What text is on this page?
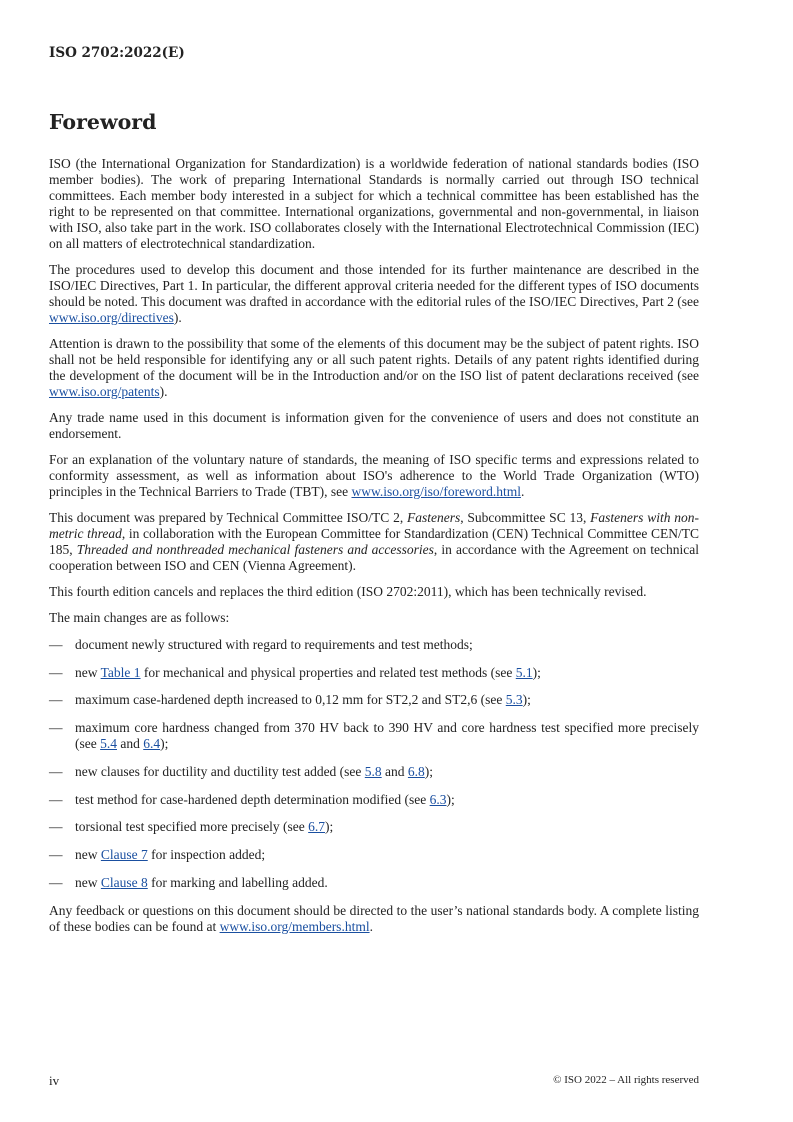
ISO 2702:2022(E)
Foreword

ISO (the International Organization for Standardization) is a worldwide federation of national standards bodies (ISO member bodies). The work of preparing International Standards is normally carried out through ISO technical committees. Each member body interested in a subject for which a technical committee has been established has the right to be represented on that committee. International organizations, governmental and non-governmental, in liaison with ISO, also take part in the work. ISO collaborates closely with the International Electrotechnical Commission (IEC) on all matters of electrotechnical standardization.

The procedures used to develop this document and those intended for its further maintenance are described in the ISO/IEC Directives, Part 1. In particular, the different approval criteria needed for the different types of ISO documents should be noted. This document was drafted in accordance with the editorial rules of the ISO/IEC Directives, Part 2 (see www.iso.org/directives).

Attention is drawn to the possibility that some of the elements of this document may be the subject of patent rights. ISO shall not be held responsible for identifying any or all such patent rights. Details of any patent rights identified during the development of the document will be in the Introduction and/or on the ISO list of patent declarations received (see www.iso.org/patents).

Any trade name used in this document is information given for the convenience of users and does not constitute an endorsement.

For an explanation of the voluntary nature of standards, the meaning of ISO specific terms and expressions related to conformity assessment, as well as information about ISO's adherence to the World Trade Organization (WTO) principles in the Technical Barriers to Trade (TBT), see www.iso.org/iso/foreword.html.

This document was prepared by Technical Committee ISO/TC 2, Fasteners, Subcommittee SC 13, Fasteners with non-metric thread, in collaboration with the European Committee for Standardization (CEN) Technical Committee CEN/TC 185, Threaded and nonthreaded mechanical fasteners and accessories, in accordance with the Agreement on technical cooperation between ISO and CEN (Vienna Agreement).

This fourth edition cancels and replaces the third edition (ISO 2702:2011), which has been technically revised.

The main changes are as follows:

— document newly structured with regard to requirements and test methods;
— new Table 1 for mechanical and physical properties and related test methods (see 5.1);
— maximum case-hardened depth increased to 0,12 mm for ST2,2 and ST2,6 (see 5.3);
— maximum core hardness changed from 370 HV back to 390 HV and core hardness test specified more precisely (see 5.4 and 6.4);
— new clauses for ductility and ductility test added (see 5.8 and 6.8);
— test method for case-hardened depth determination modified (see 6.3);
— torsional test specified more precisely (see 6.7);
— new Clause 7 for inspection added;
— new Clause 8 for marking and labelling added.

Any feedback or questions on this document should be directed to the user’s national standards body. A complete listing of these bodies can be found at www.iso.org/members.html.

iv	© ISO 2022 – All rights reserved
